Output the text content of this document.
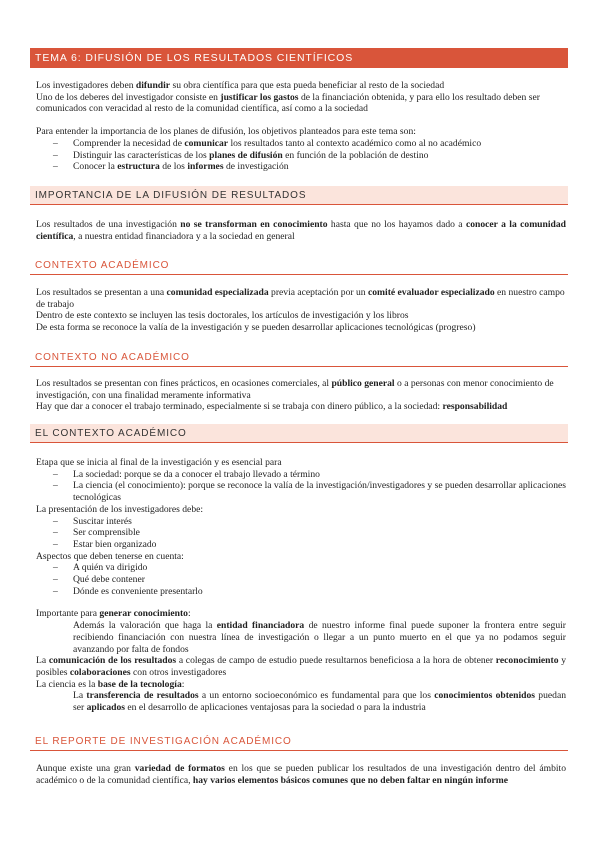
TEMA 6: DIFUSIÓN DE LOS RESULTADOS CIENTÍFICOS
Los investigadores deben difundir su obra científica para que esta pueda beneficiar al resto de la sociedad
Uno de los deberes del investigador consiste en justificar los gastos de la financiación obtenida, y para ello los resultado deben ser comunicados con veracidad al resto de la comunidad científica, así como a la sociedad
Para entender la importancia de los planes de difusión, los objetivos planteados para este tema son:
– Comprender la necesidad de comunicar los resultados tanto al contexto académico como al no académico
– Distinguir las características de los planes de difusión en función de la población de destino
– Conocer la estructura de los informes de investigación
IMPORTANCIA DE LA DIFUSIÓN DE RESULTADOS
Los resultados de una investigación no se transforman en conocimiento hasta que no los hayamos dado a conocer a la comunidad científica, a nuestra entidad financiadora y a la sociedad en general
CONTEXTO ACADÉMICO
Los resultados se presentan a una comunidad especializada previa aceptación por un comité evaluador especializado en nuestro campo de trabajo
Dentro de este contexto se incluyen las tesis doctorales, los artículos de investigación y los libros
De esta forma se reconoce la valía de la investigación y se pueden desarrollar aplicaciones tecnológicas (progreso)
CONTEXTO NO ACADÉMICO
Los resultados se presentan con fines prácticos, en ocasiones comerciales, al público general o a personas con menor conocimiento de investigación, con una finalidad meramente informativa
Hay que dar a conocer el trabajo terminado, especialmente si se trabaja con dinero público, a la sociedad: responsabilidad
EL CONTEXTO ACADÉMICO
Etapa que se inicia al final de la investigación y es esencial para
– La sociedad: porque se da a conocer el trabajo llevado a término
– La ciencia (el conocimiento): porque se reconoce la valía de la investigación/investigadores y se pueden desarrollar aplicaciones tecnológicas
La presentación de los investigadores debe:
– Suscitar interés
– Ser comprensible
– Estar bien organizado
Aspectos que deben tenerse en cuenta:
– A quién va dirigido
– Qué debe contener
– Dónde es conveniente presentarlo
Importante para generar conocimiento:
Además la valoración que haga la entidad financiadora de nuestro informe final puede suponer la frontera entre seguir recibiendo financiación con nuestra línea de investigación o llegar a un punto muerto en el que ya no podamos seguir avanzando por falta de fondos
La comunicación de los resultados a colegas de campo de estudio puede resultarnos beneficiosa a la hora de obtener reconocimiento y posibles colaboraciones con otros investigadores
La ciencia es la base de la tecnología:
La transferencia de resultados a un entorno socioeconómico es fundamental para que los conocimientos obtenidos puedan ser aplicados en el desarrollo de aplicaciones ventajosas para la sociedad o para la industria
EL REPORTE DE INVESTIGACIÓN ACADÉMICO
Aunque existe una gran variedad de formatos en los que se pueden publicar los resultados de una investigación dentro del ámbito académico o de la comunidad científica, hay varios elementos básicos comunes que no deben faltar en ningún informe
